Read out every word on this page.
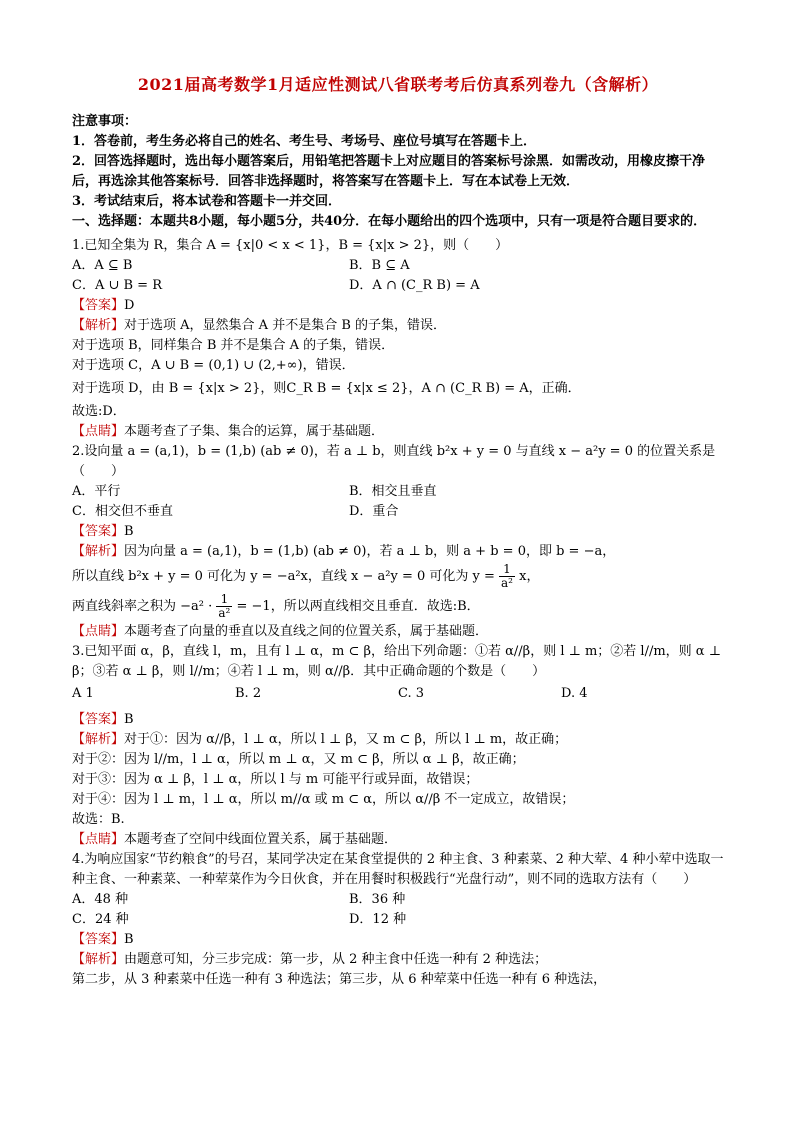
2021届高考数学1月适应性测试八省联考考后仿真系列卷九（含解析）
注意事项：
1．答卷前，考生务必将自己的姓名、考生号、考场号、座位号填写在答题卡上．
2．回答选择题时，选出每小题答案后，用铅笔把答题卡上对应题目的答案标号涂黑．如需改动，用橡皮擦干净后，再选涂其他答案标号．回答非选择题时，将答案写在答题卡上．写在本试卷上无效．
3．考试结束后，将本试卷和答题卡一并交回．
一、选择题：本题共8小题，每小题5分，共40分．在每小题给出的四个选项中，只有一项是符合题目要求的．
1.已知全集为 R，集合 A = {x|0 < x < 1}，B = {x|x > 2}，则（　　）
A．A ⊆ B	B．B ⊆ A
C．A ∪ B = R	D．A ∩ (C_R B) = A
【答案】D
【解析】对于选项 A，显然集合 A 并不是集合 B 的子集，错误．
对于选项 B，同样集合 B 并不是集合 A 的子集，错误．
对于选项 C，A ∪ B = (0,1) ∪ (2,+∞)，错误．
对于选项 D，由 B = {x|x > 2}，则C_R B = {x|x ≤ 2}，A ∩ (C_R B) = A，正确．
故选:D．
【点睛】本题考查了子集、集合的运算，属于基础题．
2.设向量 a = (a,1)，b = (1,b) (ab ≠ 0)，若 a ⊥ b，则直线 b²x + y = 0 与直线 x − a²y = 0 的位置关系是（　　）
A．平行	B．相交且垂直
C．相交但不垂直	D．重合
【答案】B
【解析】因为向量 a = (a,1)，b = (1,b) (ab ≠ 0)，若 a ⊥ b，则 a + b = 0，即 b = −a，
所以直线 b²x + y = 0 可化为 y = −a²x，直线 x − a²y = 0 可化为 $y = \frac{1}{\text{a²}}$ x，
两直线斜率之积为 $-a^2 \cdot \frac{1}{\text{a²}} = -1$，所以两直线相交且垂直．故选:B．
【点睛】本题考查了向量的垂直以及直线之间的位置关系，属于基础题．
3.已知平面 α，β，直线 l，m，且有 l ⊥ α，m ⊂ β，给出下列命题：①若 α//β，则 l ⊥ m；②若 l//m，则 α ⊥ β；③若 α ⊥ β，则 l//m；④若 l ⊥ m，则 α//β．其中正确命题的个数是（　　）
A 1	B. 2	C. 3	D. 4
【答案】B
【解析】对于①：因为 α//β，l ⊥ α，所以 l ⊥ β，又 m ⊂ β，所以 l ⊥ m，故正确；
对于②：因为 l//m，l ⊥ α，所以 m ⊥ α，又 m ⊂ β，所以 α ⊥ β，故正确；
对于③：因为 α ⊥ β，l ⊥ α，所以 l 与 m 可能平行或异面，故错误；
对于④：因为 l ⊥ m，l ⊥ α，所以 m//α 或 m ⊂ α，所以 α//β 不一定成立，故错误；
故选：B.
【点睛】本题考查了空间中线面位置关系，属于基础题．
4.为响应国家“节约粮食”的号召，某同学决定在某食堂提供的 2 种主食、3 种素菜、2 种大荤、4 种小荤中选取一种主食、一种素菜、一种荤菜作为今日伙食，并在用餐时积极践行“光盘行动”，则不同的选取方法有（　　）
A．48 种	B．36 种
C．24 种	D．12 种
【答案】B
【解析】由题意可知，分三步完成：第一步，从 2 种主食中任选一种有 2 种选法；
第二步，从 3 种素菜中任选一种有 3 种选法；第三步，从 6 种荤菜中任选一种有 6 种选法，
